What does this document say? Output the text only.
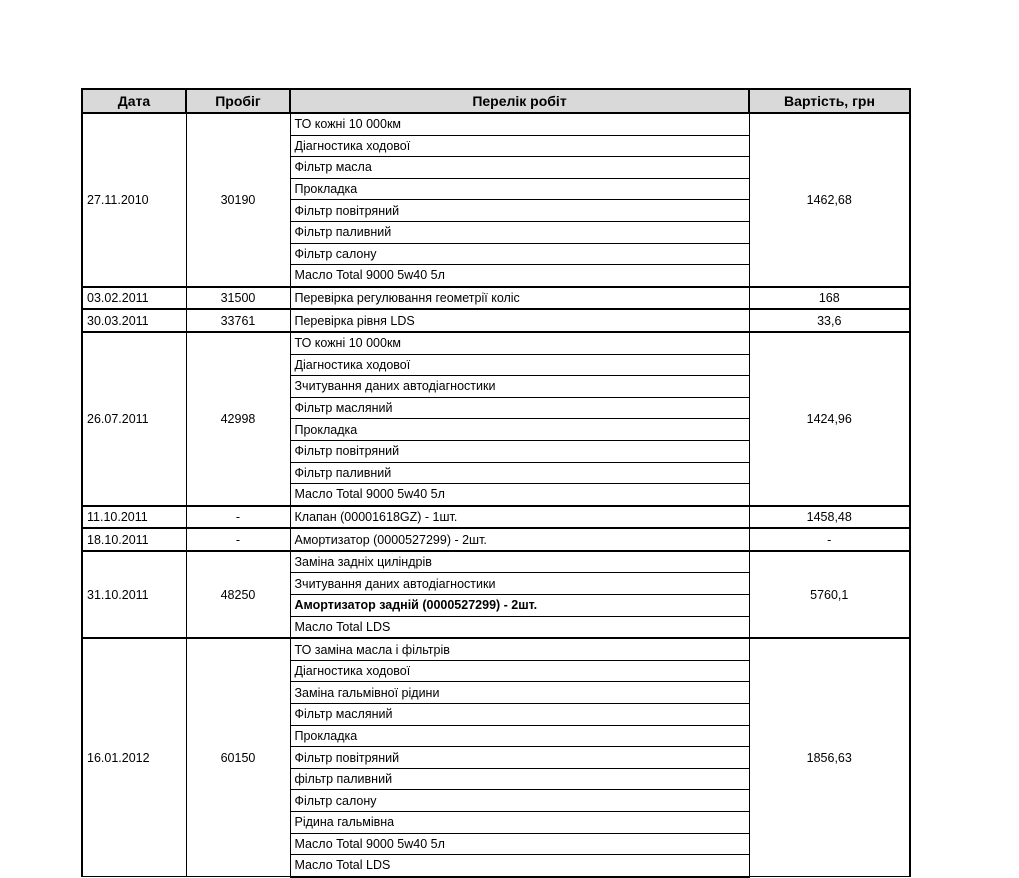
Дата	Пробіг	Перелік робіт	Вартість, грн
27.11.2010	30190	ТО кожні 10 000км	1462,68
		Діагностика ходової	
		Фільтр масла	
		Прокладка	
		Фільтр повітряний	
		Фільтр паливний	
		Фільтр салону	
		Масло Total 9000 5w40 5л	
03.02.2011	31500	Перевірка регулювання геометрії коліс	168
30.03.2011	33761	Перевірка рівня LDS	33,6
26.07.2011	42998	ТО кожні 10 000км	1424,96
		Діагностика ходової	
		Зчитування даних автодіагностики	
		Фільтр масляний	
		Прокладка	
		Фільтр повітряний	
		Фільтр паливний	
		Масло Total 9000 5w40 5л	
11.10.2011	-	Клапан (00001618GZ) - 1шт.	1458,48
18.10.2011	-	Амортизатор (0000527299) - 2шт.	-
31.10.2011	48250	Заміна задніх циліндрів	5760,1
		Зчитування даних автодіагностики	
		Амортизатор задній (0000527299) - 2шт.	
		Масло Total LDS	
16.01.2012	60150	ТО заміна масла і фільтрів	1856,63
		Діагностика ходової	
		Заміна гальмівної рідини	
		Фільтр масляний	
		Прокладка	
		Фільтр повітряний	
		фільтр паливний	
		Фільтр салону	
		Рідина гальмівна	
		Масло Total 9000 5w40 5л	
		Масло Total LDS	
